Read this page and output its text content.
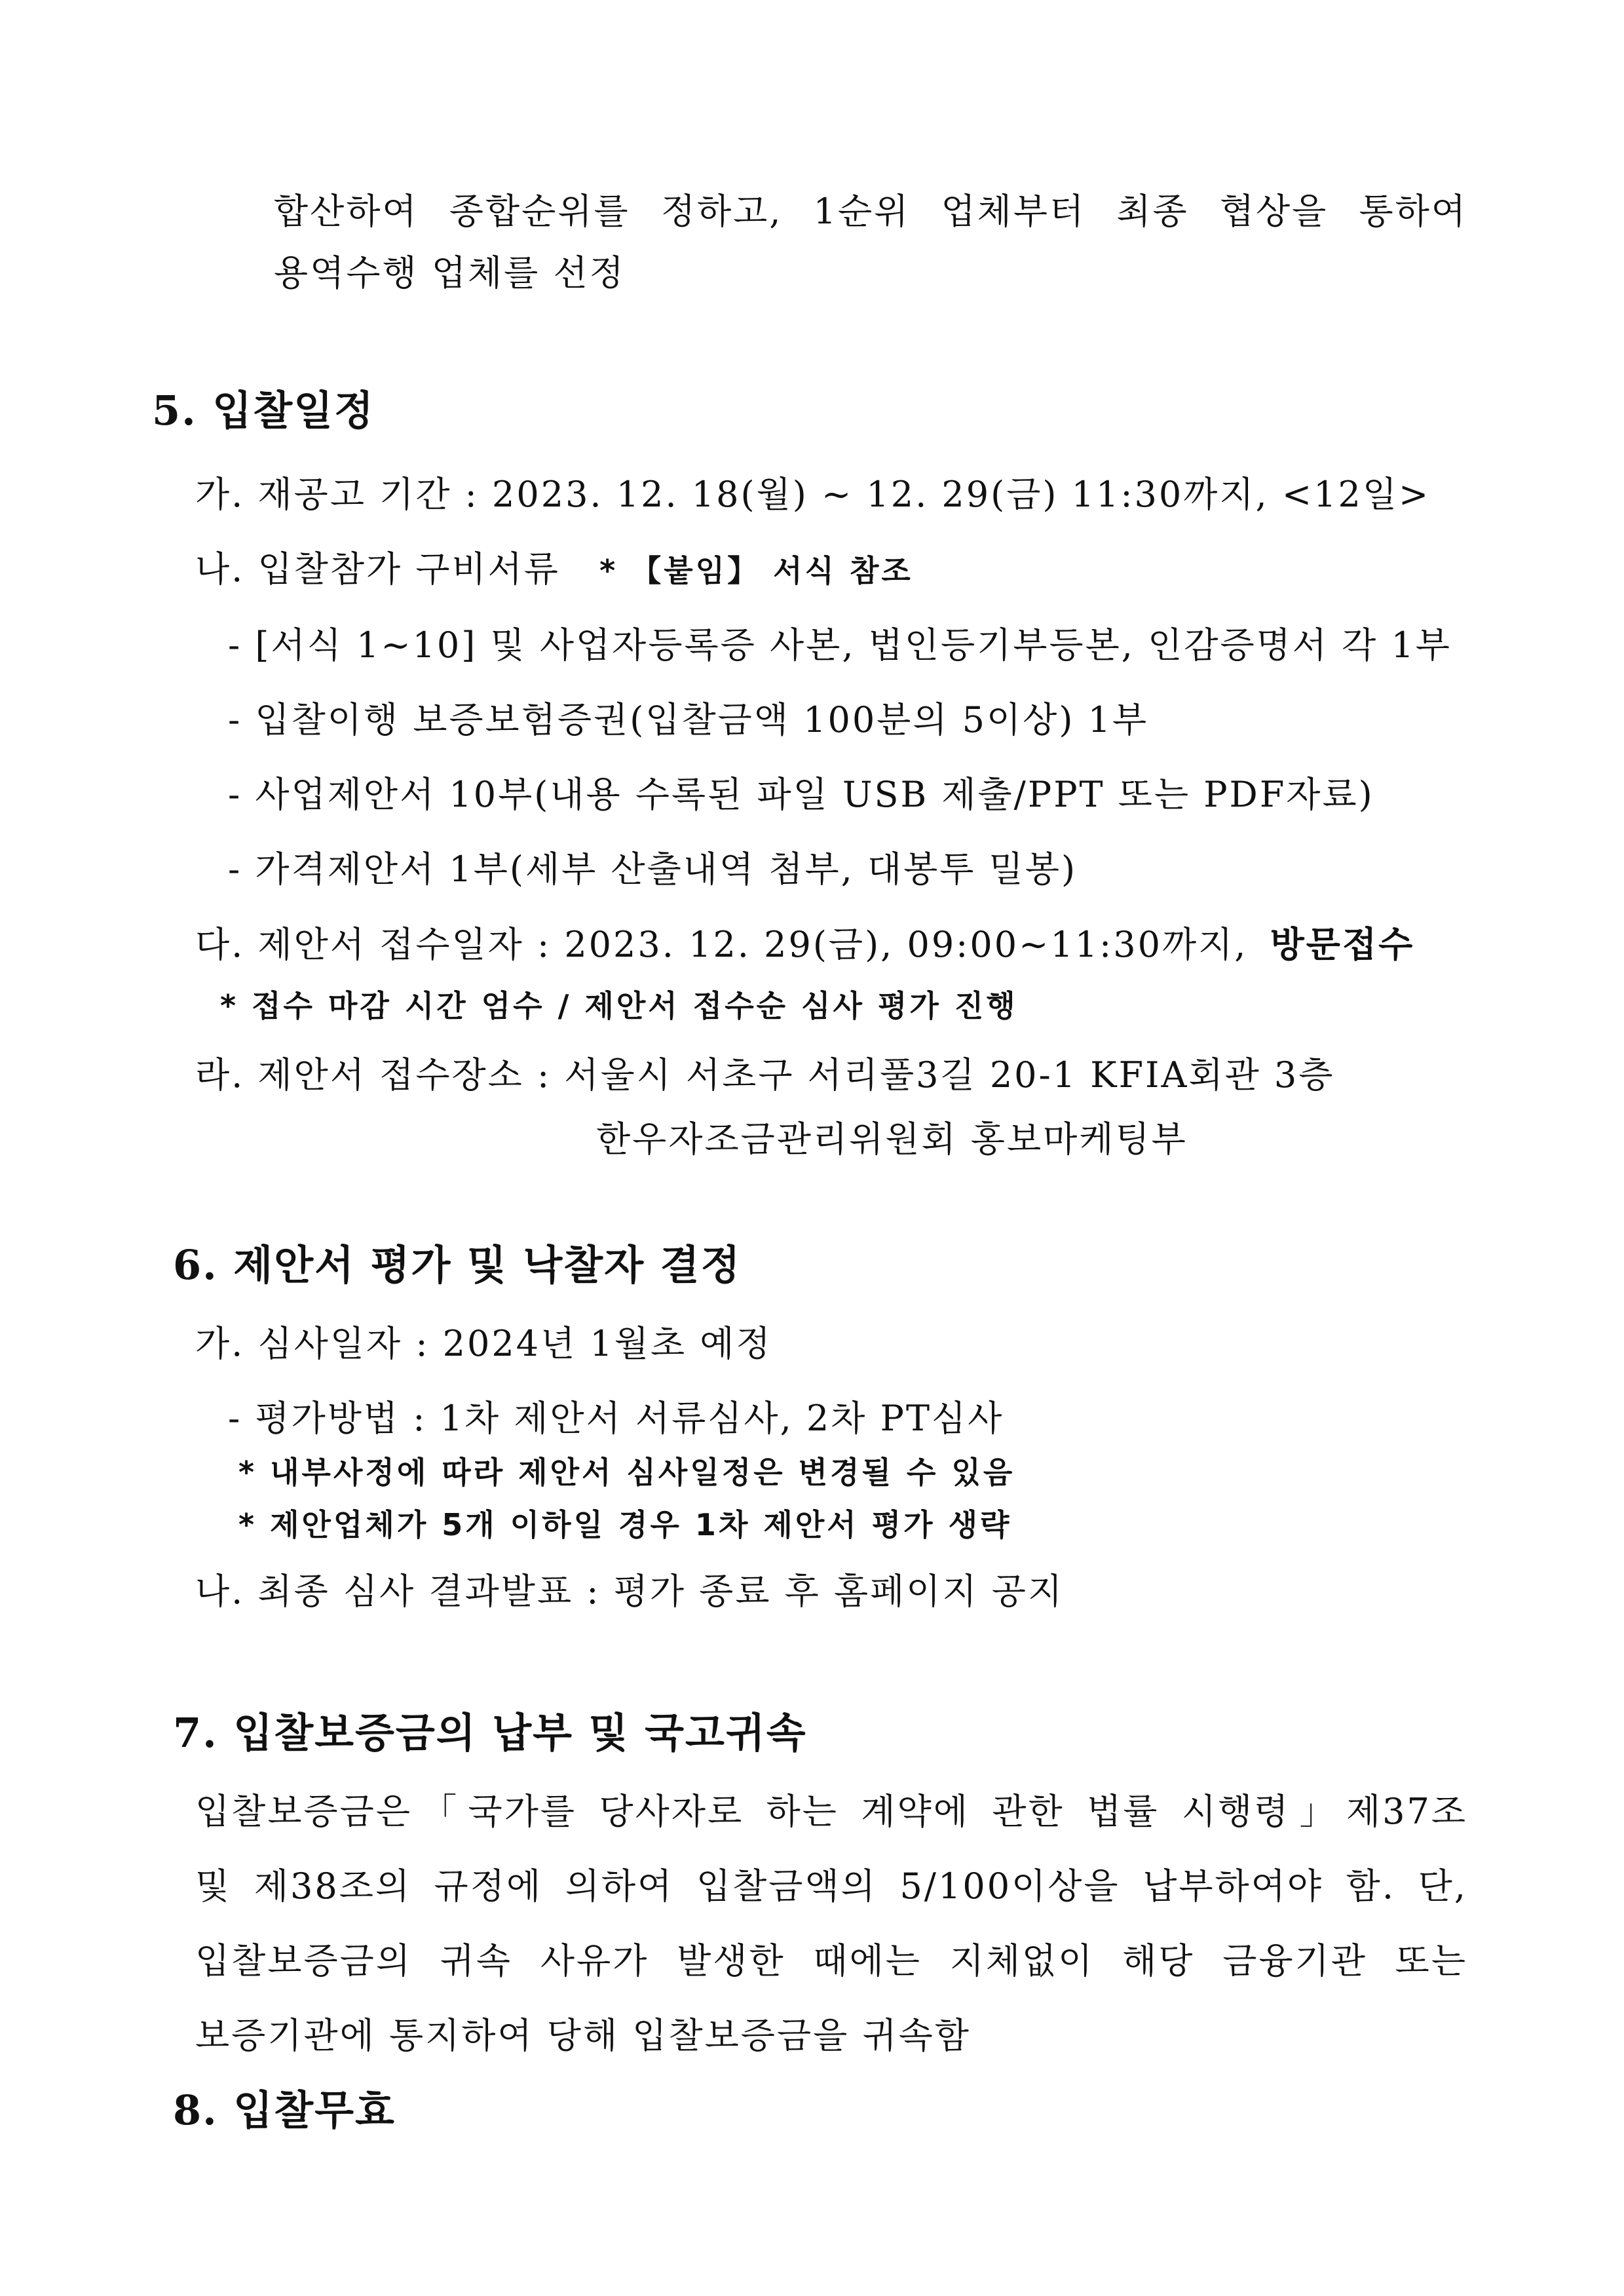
합산하여 종합순위를 정하고, 1순위 업체부터 최종 협상을 통하여
용역수행 업체를 선정
5. 입찰일정
가. 재공고 기간 : 2023. 12. 18(월) ~ 12. 29(금) 11:30까지, <12일>
나. 입찰참가 구비서류 * 【붙임】 서식 참조
- [서식 1~10] 및 사업자등록증 사본, 법인등기부등본, 인감증명서 각 1부
- 입찰이행 보증보험증권(입찰금액 100분의 5이상) 1부
- 사업제안서 10부(내용 수록된 파일 USB 제출/PPT 또는 PDF자료)
- 가격제안서 1부(세부 산출내역 첨부, 대봉투 밀봉)
다. 제안서 접수일자 : 2023. 12. 29(금), 09:00~11:30까지, 방문접수
* 접수 마감 시간 엄수 / 제안서 접수순 심사 평가 진행
라. 제안서 접수장소 : 서울시 서초구 서리풀3길 20-1 KFIA회관 3층
한우자조금관리위원회 홍보마케팅부
6. 제안서 평가 및 낙찰자 결정
가. 심사일자 : 2024년 1월초 예정
- 평가방법 : 1차 제안서 서류심사, 2차 PT심사
* 내부사정에 따라 제안서 심사일정은 변경될 수 있음
* 제안업체가 5개 이하일 경우 1차 제안서 평가 생략
나. 최종 심사 결과발표 : 평가 종료 후 홈페이지 공지
7. 입찰보증금의 납부 및 국고귀속
입찰보증금은「국가를 당사자로 하는 계약에 관한 법률 시행령」제37조
및 제38조의 규정에 의하여 입찰금액의 5/100이상을 납부하여야 함. 단,
입찰보증금의 귀속 사유가 발생한 때에는 지체없이 해당 금융기관 또는
보증기관에 통지하여 당해 입찰보증금을 귀속함
8. 입찰무효
